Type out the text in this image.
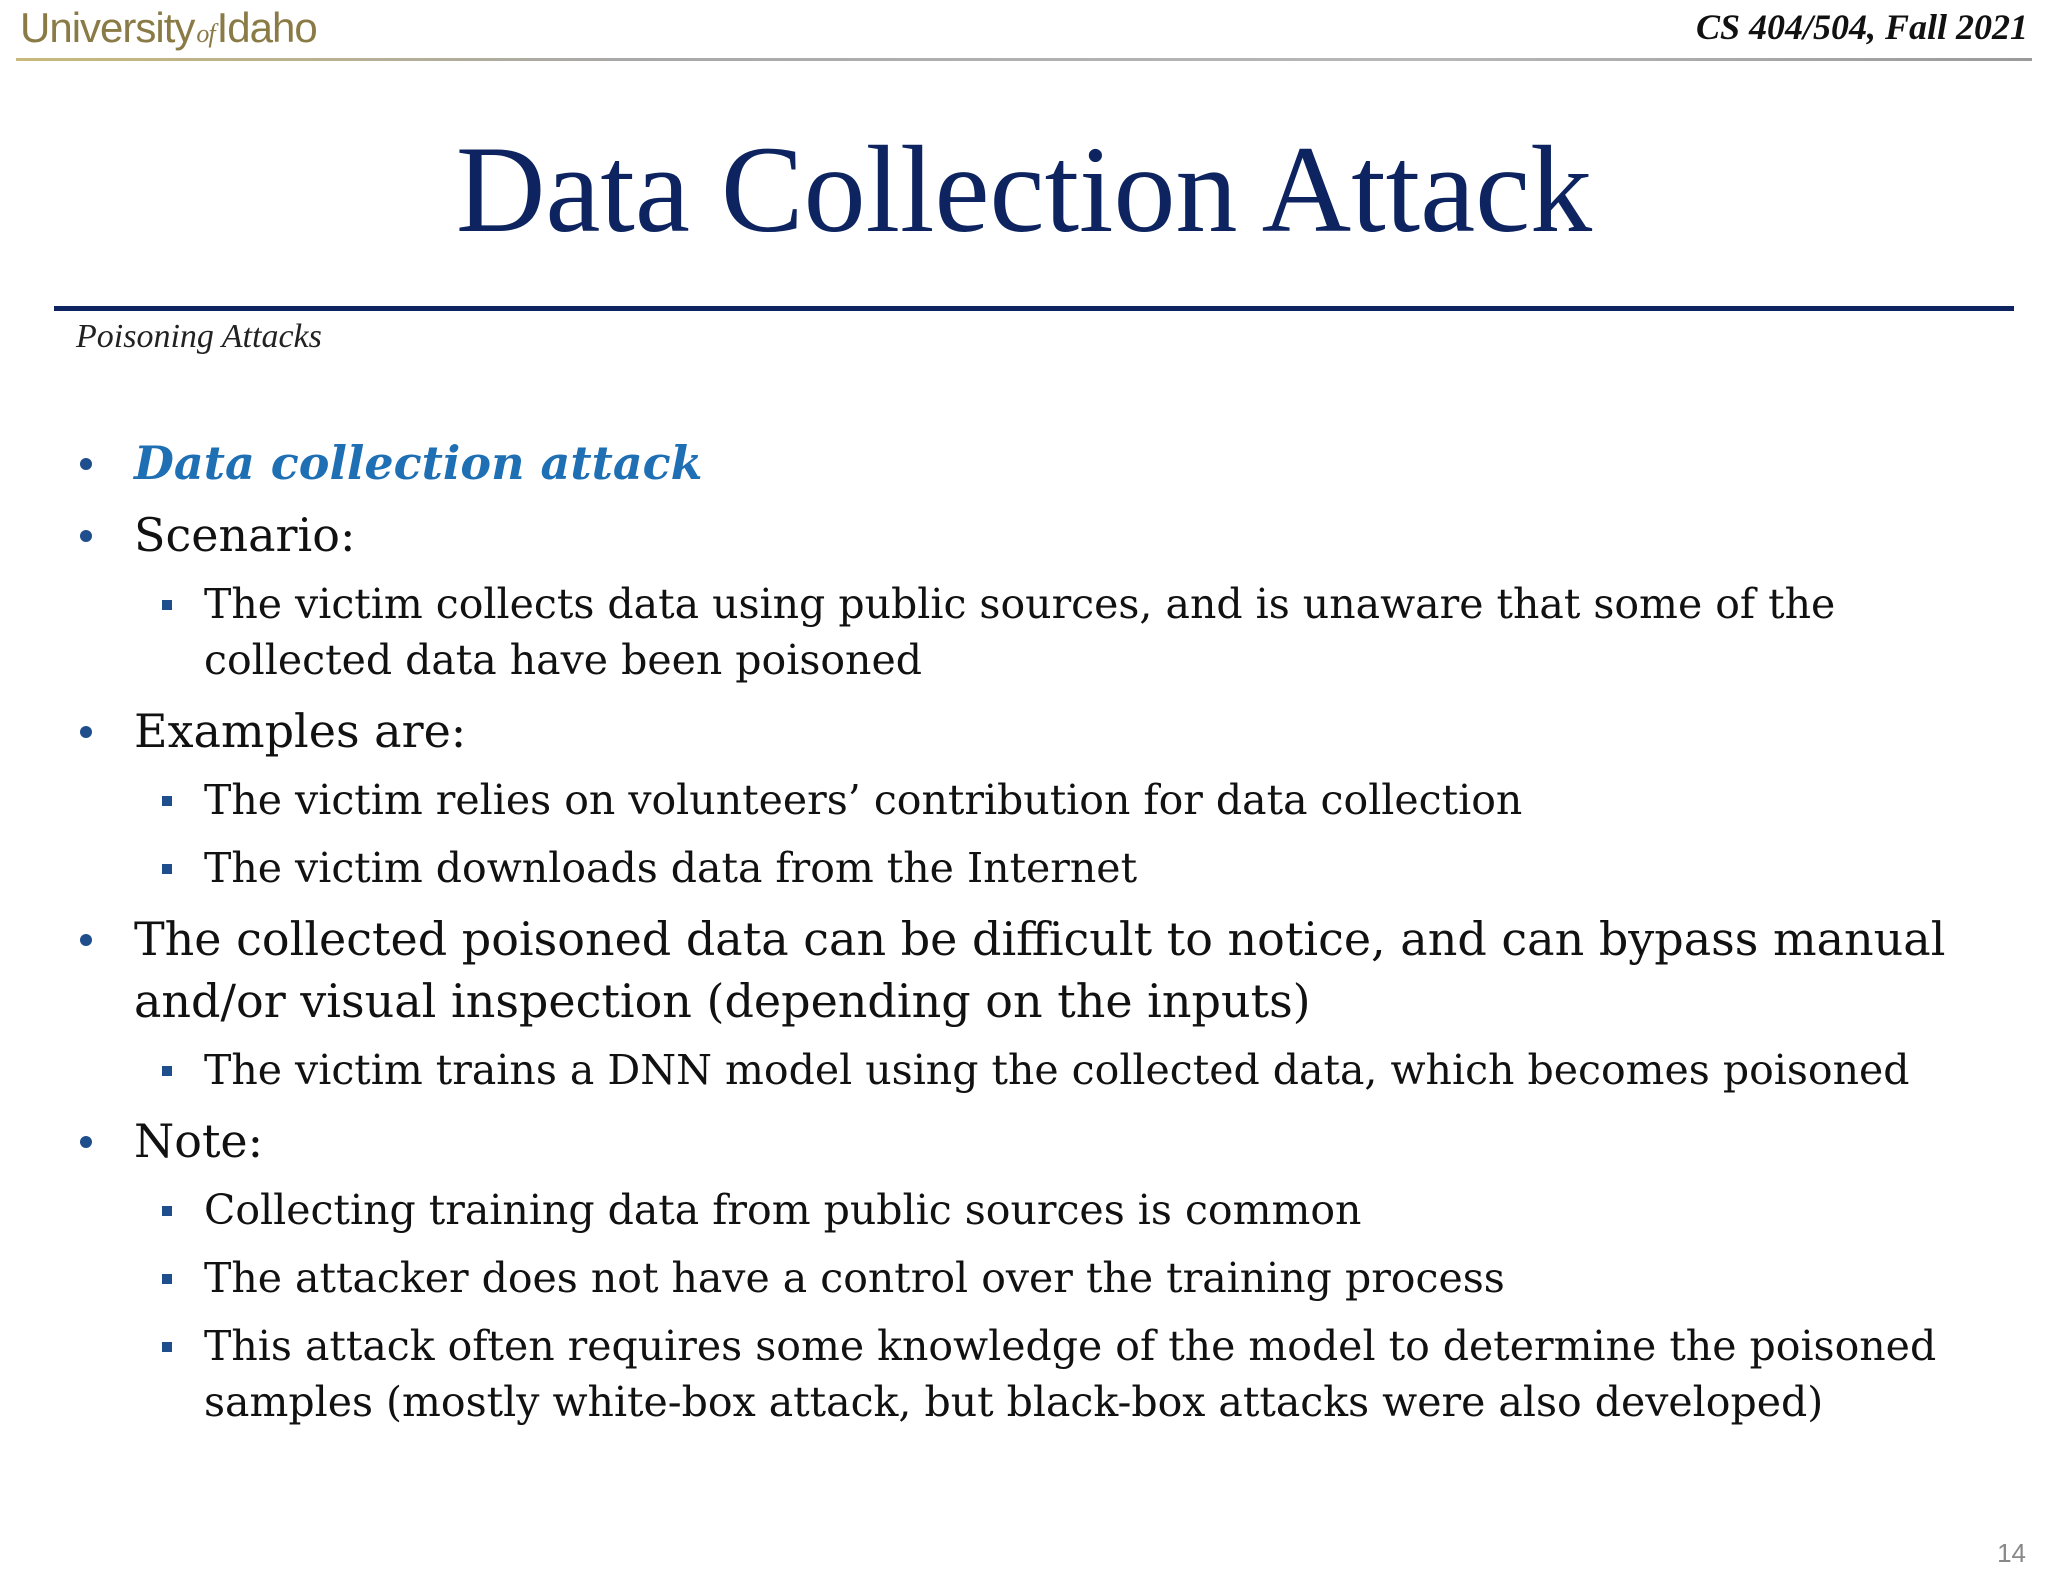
UniversityofIdaho	CS 404/504, Fall 2021
Data Collection Attack
Poisoning Attacks
Data collection attack
Scenario:
The victim collects data using public sources, and is unaware that some of the collected data have been poisoned
Examples are:
The victim relies on volunteers’ contribution for data collection
The victim downloads data from the Internet
The collected poisoned data can be difficult to notice, and can bypass manual and/or visual inspection (depending on the inputs)
The victim trains a DNN model using the collected data, which becomes poisoned
Note:
Collecting training data from public sources is common
The attacker does not have a control over the training process
This attack often requires some knowledge of the model to determine the poisoned samples (mostly white-box attack, but black-box attacks were also developed)
14
